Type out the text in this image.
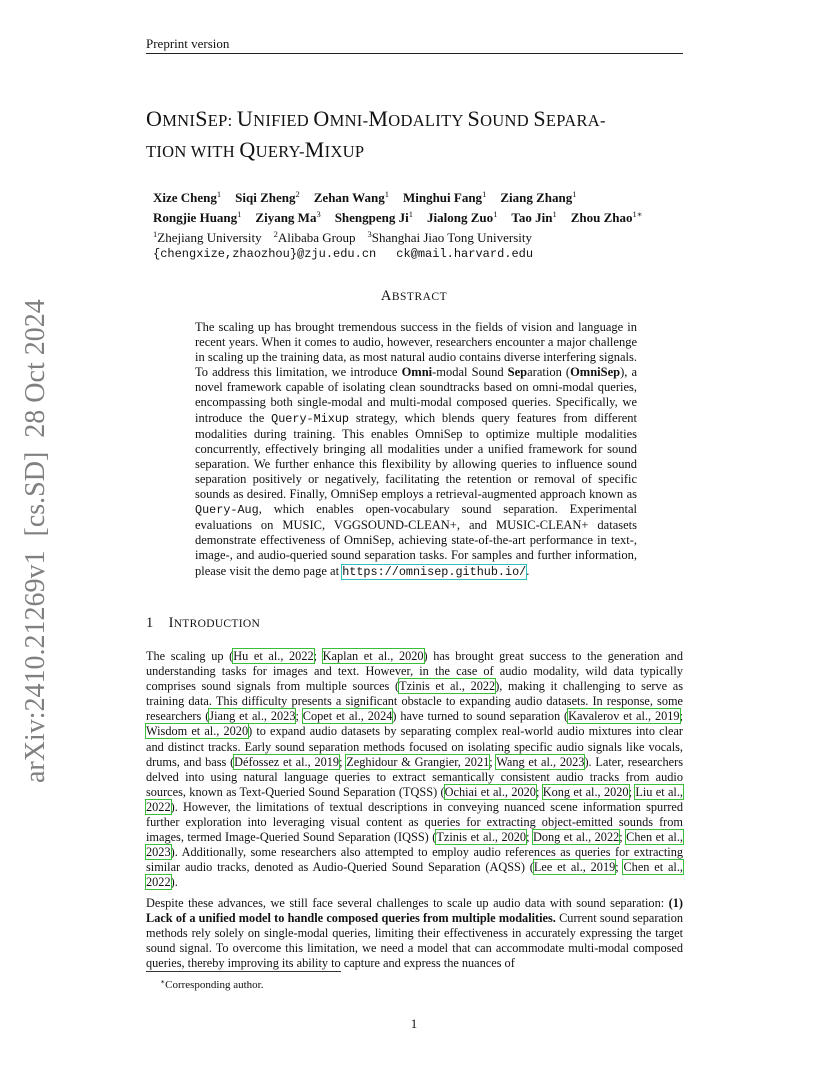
Preprint version
OMNISEP: UNIFIED OMNI-MODALITY SOUND SEPARA-
TION WITH QUERY-MIXUP
Xize Cheng$^1$ Siqi Zheng$^2$ Zehan Wang$^1$ Minghui Fang$^1$ Ziang Zhang$^1$
Rongjie Huang$^1$ Ziyang Ma$^3$ Shengpeng Ji$^1$ Jialong Zuo$^1$ Tao Jin$^1$ Zhou Zhao$^{1∗}$
$^1$Zhejiang University $^2$Alibaba Group $^3$Shanghai Jiao Tong University
{chengxize,zhaozhou}@zju.edu.cn ck@mail.harvard.edu
ABSTRACT
The scaling up has brought tremendous success in the fields of vision and language in recent years. When it comes to audio, however, researchers encounter a major challenge in scaling up the training data, as most natural audio contains diverse interfering signals. To address this limitation, we introduce Omni-modal Sound Separation (OmniSep), a novel framework capable of isolating clean soundtracks based on omni-modal queries, encompassing both single-modal and multi-modal composed queries. Specifically, we introduce the Query-Mixup strategy, which blends query features from different modalities during training. This enables OmniSep to optimize multiple modalities concurrently, effectively bringing all modalities under a unified framework for sound separation. We further enhance this flexibility by allowing queries to influence sound separation positively or negatively, facilitating the retention or removal of specific sounds as desired. Finally, OmniSep employs a retrieval-augmented approach known as Query-Aug, which enables open-vocabulary sound separation. Experimental evaluations on MUSIC, VGGSOUND-CLEAN+, and MUSIC-CLEAN+ datasets demonstrate effectiveness of OmniSep, achieving state-of-the-art performance in text-, image-, and audio-queried sound separation tasks. For samples and further information, please visit the demo page at https://omnisep.github.io/.
1 INTRODUCTION

The scaling up (Hu et al., 2022; Kaplan et al., 2020) has brought great success to the generation and understanding tasks for images and text. However, in the case of audio modality, wild data typically comprises sound signals from multiple sources (Tzinis et al., 2022), making it challenging to serve as training data. This difficulty presents a significant obstacle to expanding audio datasets. In response, some researchers (Jiang et al., 2023; Copet et al., 2024) have turned to sound separation (Kavalerov et al., 2019; Wisdom et al., 2020) to expand audio datasets by separating complex real-world audio mixtures into clear and distinct tracks. Early sound separation methods focused on isolating specific audio signals like vocals, drums, and bass (Défossez et al., 2019; Zeghidour & Grangier, 2021; Wang et al., 2023). Later, researchers delved into using natural language queries to extract semantically consistent audio tracks from audio sources, known as Text-Queried Sound Separation (TQSS) (Ochiai et al., 2020; Kong et al., 2020; Liu et al., 2022). However, the limitations of textual descriptions in conveying nuanced scene information spurred further exploration into leveraging visual content as queries for extracting object-emitted sounds from images, termed Image-Queried Sound Separation (IQSS) (Tzinis et al., 2020; Dong et al., 2022; Chen et al., 2023). Additionally, some researchers also attempted to employ audio references as queries for extracting similar audio tracks, denoted as Audio-Queried Sound Separation (AQSS) (Lee et al., 2019; Chen et al., 2022).

Despite these advances, we still face several challenges to scale up audio data with sound separation: (1) Lack of a unified model to handle composed queries from multiple modalities. Current sound separation methods rely solely on single-modal queries, limiting their effectiveness in accurately expressing the target sound signal. To overcome this limitation, we need a model that can accommodate multi-modal composed queries, thereby improving its ability to capture and express the nuances of

∗Corresponding author.
1
arXiv:2410.21269v1[cs.SD]28 Oct 2024
